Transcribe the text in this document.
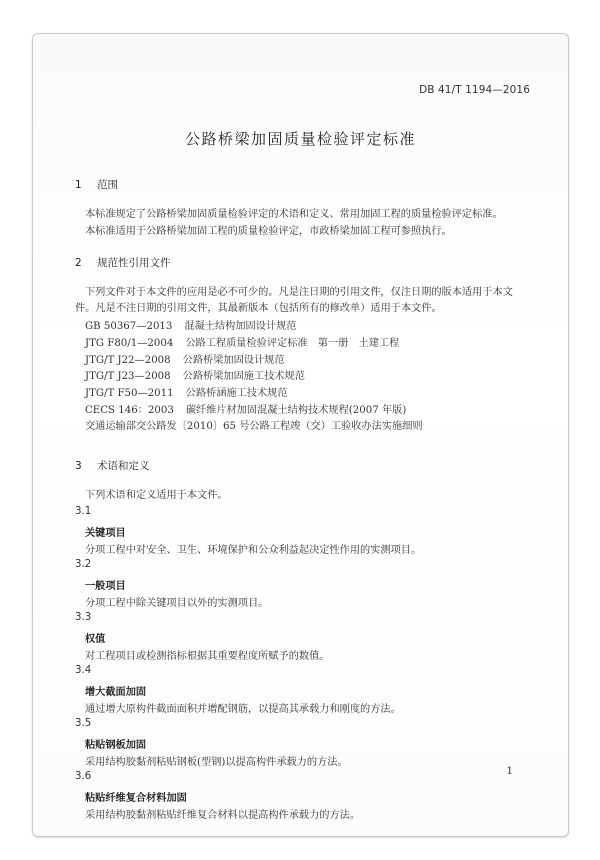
DB 41/T 1194—2016
公路桥梁加固质量检验评定标准
1 范围
本标准规定了公路桥梁加固质量检验评定的术语和定义、常用加固工程的质量检验评定标准。
本标准适用于公路桥梁加固工程的质量检验评定，市政桥梁加固工程可参照执行。
2 规范性引用文件
下列文件对于本文件的应用是必不可少的。凡是注日期的引用文件，仅注日期的版本适用于本文
件。凡是不注日期的引用文件，其最新版本（包括所有的修改单）适用于本文件。
GB 50367—2013 混凝土结构加固设计规范
JTG F80/1—2004 公路工程质量检验评定标准　第一册　土建工程
JTG/T J22—2008 公路桥梁加固设计规范
JTG/T J23—2008 公路桥梁加固施工技术规范
JTG/T F50—2011 公路桥涵施工技术规范
CECS 146：2003 碳纤维片材加固混凝土结构技术规程(2007 年版)
交通运输部交公路发〔2010〕65 号公路工程竣（交）工验收办法实施细则
3 术语和定义
下列术语和定义适用于本文件。
3.1
关键项目
分项工程中对安全、卫生、环境保护和公众利益起决定性作用的实测项目。
3.2
一般项目
分项工程中除关键项目以外的实测项目。
3.3
权值
对工程项目或检测指标根据其重要程度所赋予的数值。
3.4
增大截面加固
通过增大原构件截面面积并增配钢筋，以提高其承载力和刚度的方法。
3.5
粘贴钢板加固
采用结构胶黏剂粘贴钢板(型钢)以提高构件承载力的方法。
3.6
粘贴纤维复合材料加固
采用结构胶黏剂粘贴纤维复合材料以提高构件承载力的方法。
1
